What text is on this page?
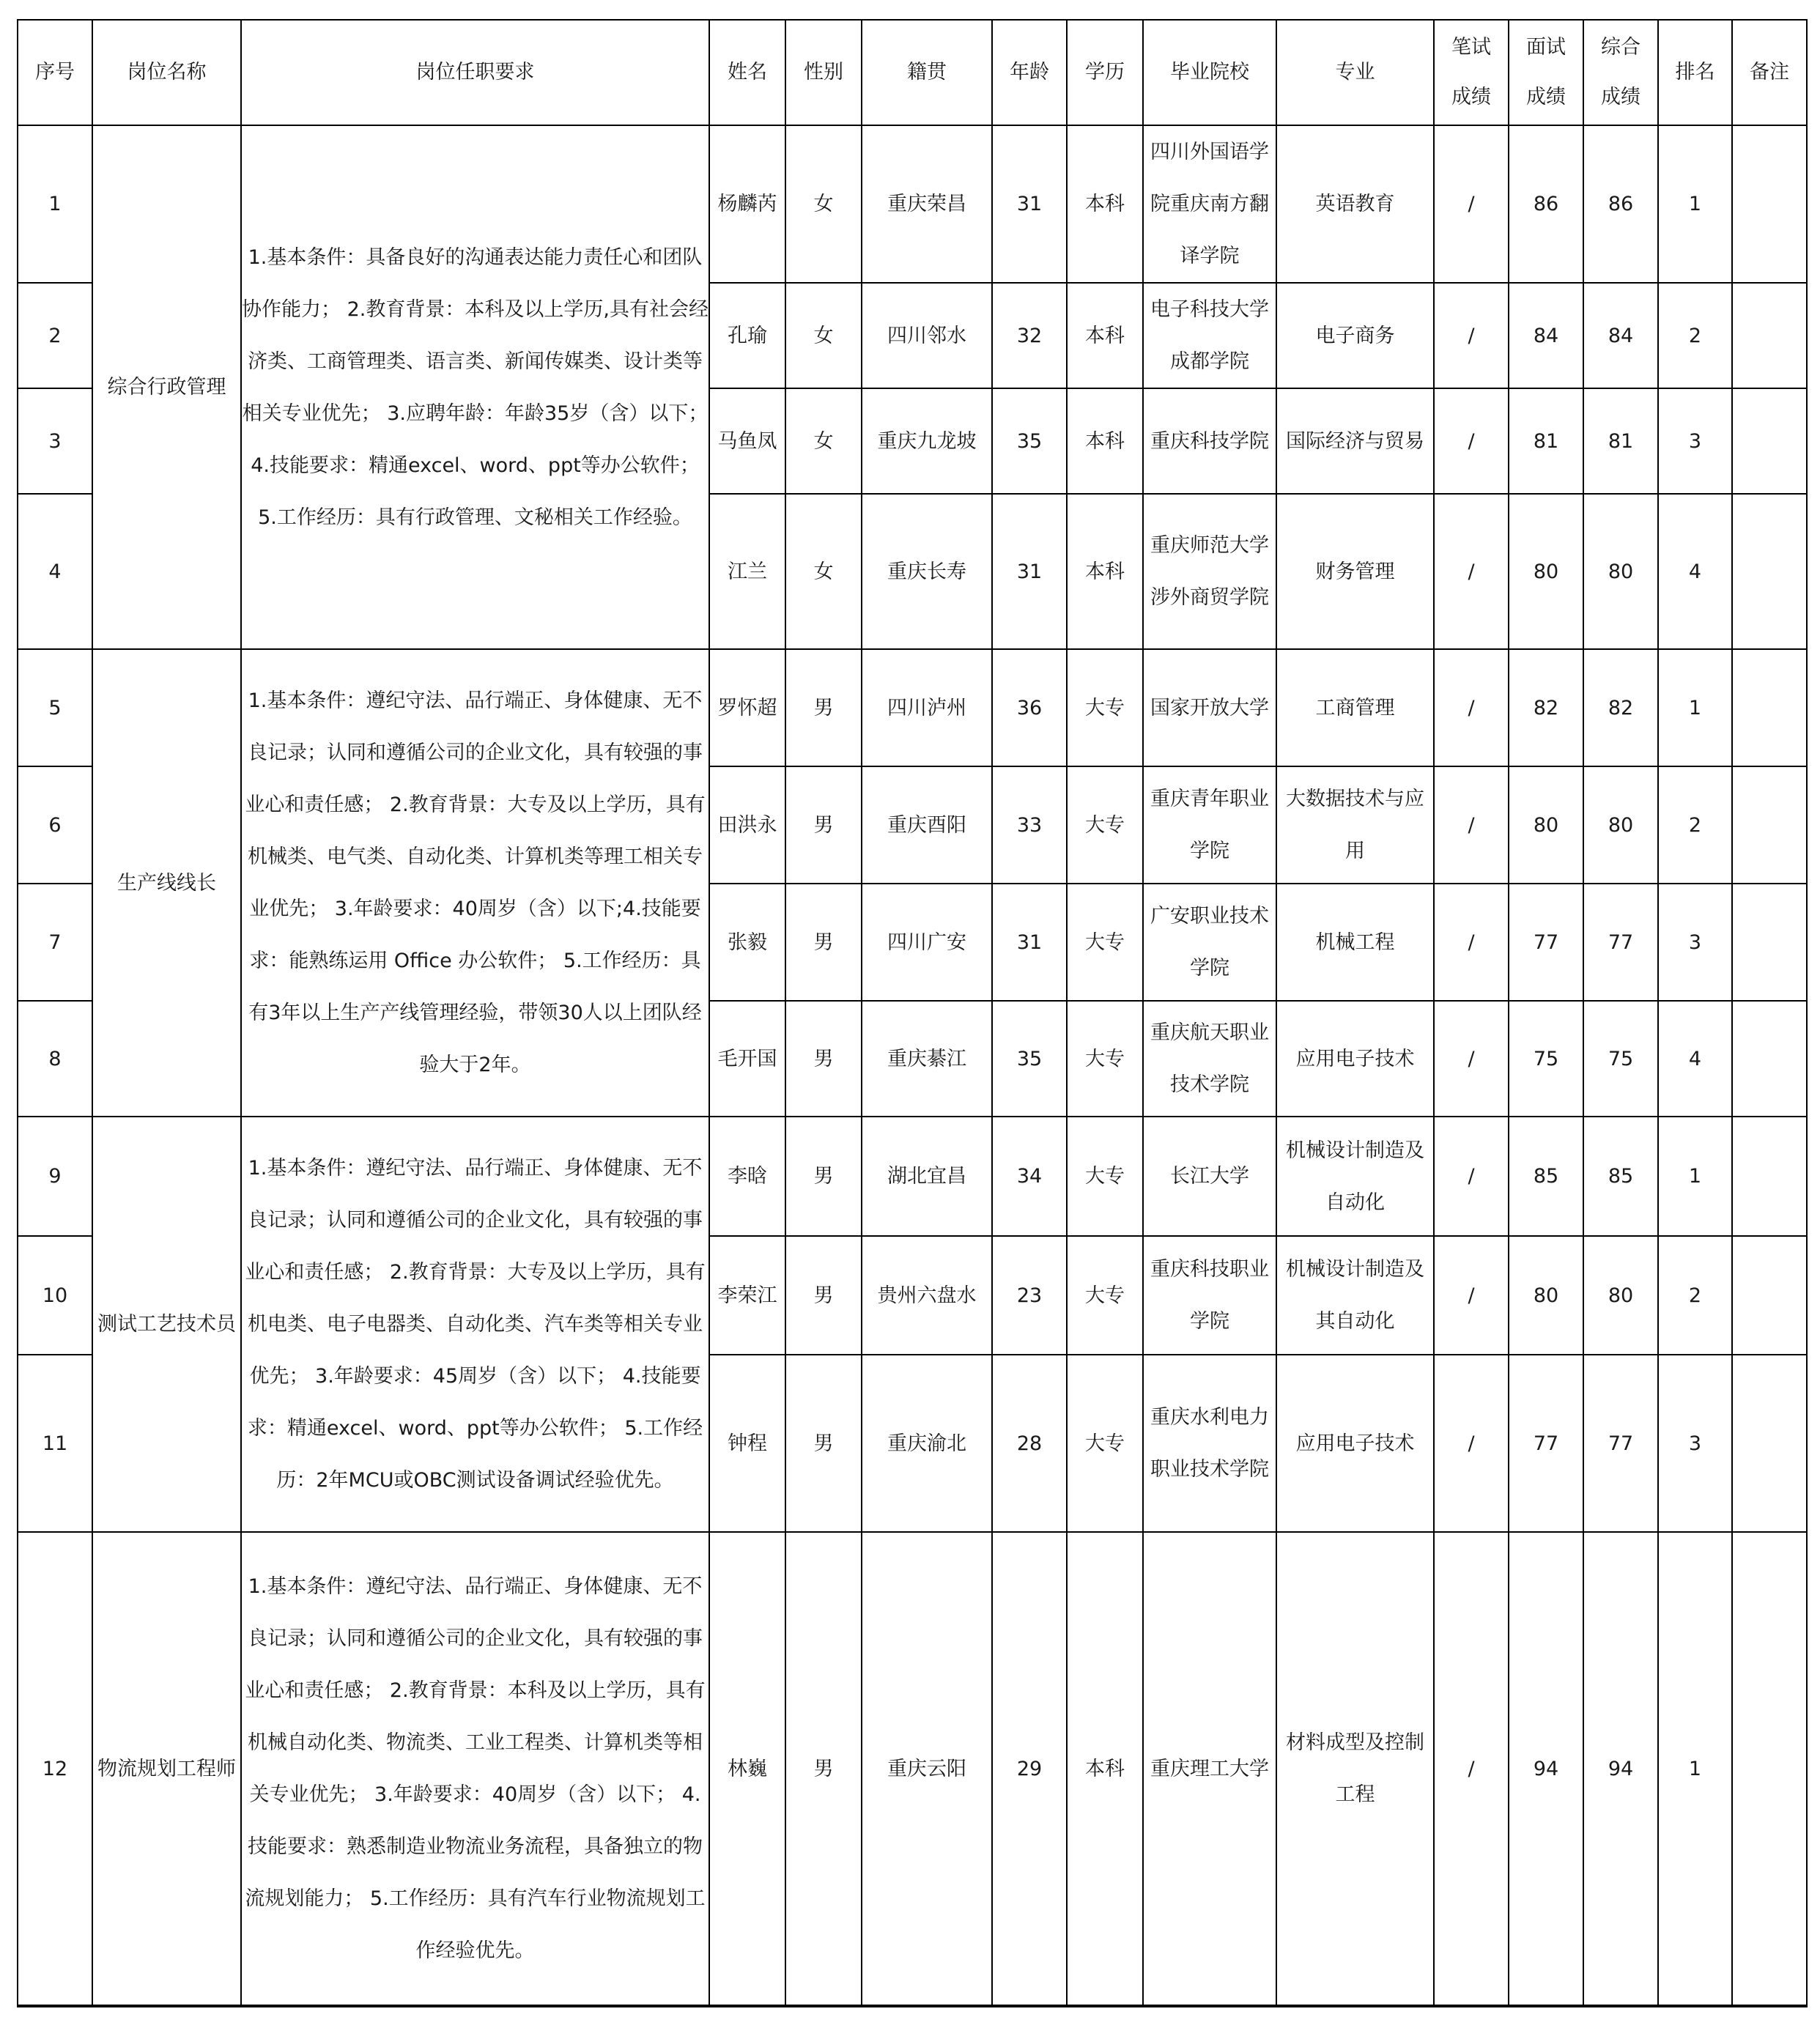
序号	岗位名称	岗位任职要求	姓名	性别	籍贯	年龄	学历	毕业院校	专业	笔试成绩	面试成绩	综合成绩	排名	备注
1	综合行政管理	1.基本条件：具备良好的沟通表达能力责任心和团队协作能力； 2.教育背景：本科及以上学历,具有社会经济类、工商管理类、语言类、新闻传媒类、设计类等相关专业优先； 3.应聘年龄：年龄35岁（含）以下； 4.技能要求：精通excel、word、ppt等办公软件； 5.工作经历：具有行政管理、文秘相关工作经验。	杨麟芮	女	重庆荣昌	31	本科	四川外国语学院重庆南方翻译学院	英语教育	/	86	86	1	
2			孔瑜	女	四川邻水	32	本科	电子科技大学成都学院	电子商务	/	84	84	2	
3			马鱼凤	女	重庆九龙坡	35	本科	重庆科技学院	国际经济与贸易	/	81	81	3	
4			江兰	女	重庆长寿	31	本科	重庆师范大学涉外商贸学院	财务管理	/	80	80	4	
5	生产线线长	1.基本条件：遵纪守法、品行端正、身体健康、无不良记录；认同和遵循公司的企业文化，具有较强的事业心和责任感； 2.教育背景：大专及以上学历，具有机械类、电气类、自动化类、计算机类等理工相关专业优先； 3.年龄要求：40周岁（含）以下;4.技能要求：能熟练运用 Office 办公软件； 5.工作经历：具有3年以上生产产线管理经验，带领30人以上团队经验大于2年。	罗怀超	男	四川泸州	36	大专	国家开放大学	工商管理	/	82	82	1	
6			田洪永	男	重庆酉阳	33	大专	重庆青年职业学院	大数据技术与应用	/	80	80	2	
7			张毅	男	四川广安	31	大专	广安职业技术学院	机械工程	/	77	77	3	
8			毛开国	男	重庆綦江	35	大专	重庆航天职业技术学院	应用电子技术	/	75	75	4	
9	测试工艺技术员	1.基本条件：遵纪守法、品行端正、身体健康、无不良记录；认同和遵循公司的企业文化，具有较强的事业心和责任感； 2.教育背景：大专及以上学历，具有机电类、电子电器类、自动化类、汽车类等相关专业优先； 3.年龄要求：45周岁（含）以下； 4.技能要求：精通excel、word、ppt等办公软件； 5.工作经历：2年MCU或OBC测试设备调试经验优先。	李晗	男	湖北宜昌	34	大专	长江大学	机械设计制造及自动化	/	85	85	1	
10			李荣江	男	贵州六盘水	23	大专	重庆科技职业学院	机械设计制造及其自动化	/	80	80	2	
11			钟程	男	重庆渝北	28	大专	重庆水利电力职业技术学院	应用电子技术	/	77	77	3	
12	物流规划工程师	1.基本条件：遵纪守法、品行端正、身体健康、无不良记录；认同和遵循公司的企业文化，具有较强的事业心和责任感； 2.教育背景：本科及以上学历，具有机械自动化类、物流类、工业工程类、计算机类等相关专业优先； 3.年龄要求：40周岁（含）以下； 4.技能要求：熟悉制造业物流业务流程，具备独立的物流规划能力； 5.工作经历：具有汽车行业物流规划工作经验优先。	林巍	男	重庆云阳	29	本科	重庆理工大学	材料成型及控制工程	/	94	94	1	
